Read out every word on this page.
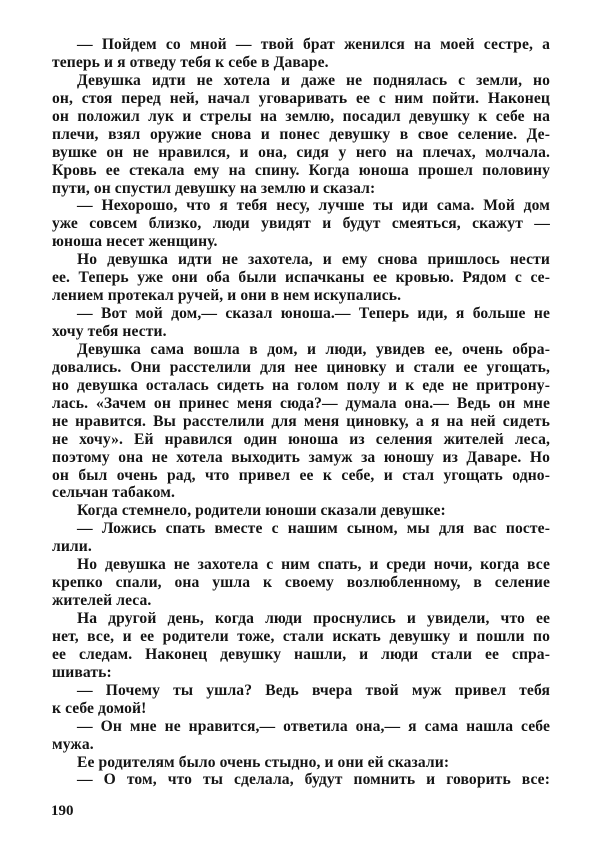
— Пойдем со мной — твой брат женился на моей сестре, а
теперь и я отведу тебя к себе в Даваре.
Девушка идти не хотела и даже не поднялась с земли, но
он, стоя перед ней, начал уговаривать ее с ним пойти. Наконец
он положил лук и стрелы на землю, посадил девушку к себе на
плечи, взял оружие снова и понес девушку в свое селение. Де-
вушке он не нравился, и она, сидя у него на плечах, молчала.
Кровь ее стекала ему на спину. Когда юноша прошел половину
пути, он спустил девушку на землю и сказал:
— Нехорошо, что я тебя несу, лучше ты иди сама. Мой дом
уже совсем близко, люди увидят и будут смеяться, скажут —
юноша несет женщину.
Но девушка идти не захотела, и ему снова пришлось нести
ее. Теперь уже они оба были испачканы ее кровью. Рядом с се-
лением протекал ручей, и они в нем искупались.
— Вот мой дом,— сказал юноша.— Теперь иди, я больше не
хочу тебя нести.
Девушка сама вошла в дом, и люди, увидев ее, очень обра-
довались. Они расстелили для нее циновку и стали ее угощать,
но девушка осталась сидеть на голом полу и к еде не притрону-
лась. «Зачем он принес меня сюда?— думала она.— Ведь он мне
не нравится. Вы расстелили для меня циновку, а я на ней сидеть
не хочу». Ей нравился один юноша из селения жителей леса,
поэтому она не хотела выходить замуж за юношу из Даваре. Но
он был очень рад, что привел ее к себе, и стал угощать одно-
сельчан табаком.
Когда стемнело, родители юноши сказали девушке:
— Ложись спать вместе с нашим сыном, мы для вас посте-
лили.
Но девушка не захотела с ним спать, и среди ночи, когда все
крепко спали, она ушла к своему возлюбленному, в селение
жителей леса.
На другой день, когда люди проснулись и увидели, что ее
нет, все, и ее родители тоже, стали искать девушку и пошли по
ее следам. Наконец девушку нашли, и люди стали ее спра-
шивать:
— Почему ты ушла? Ведь вчера твой муж привел тебя
к себе домой!
— Он мне не нравится,— ответила она,— я сама нашла себе
мужа.
Ее родителям было очень стыдно, и они ей сказали:
— О том, что ты сделала, будут помнить и говорить все:
190
